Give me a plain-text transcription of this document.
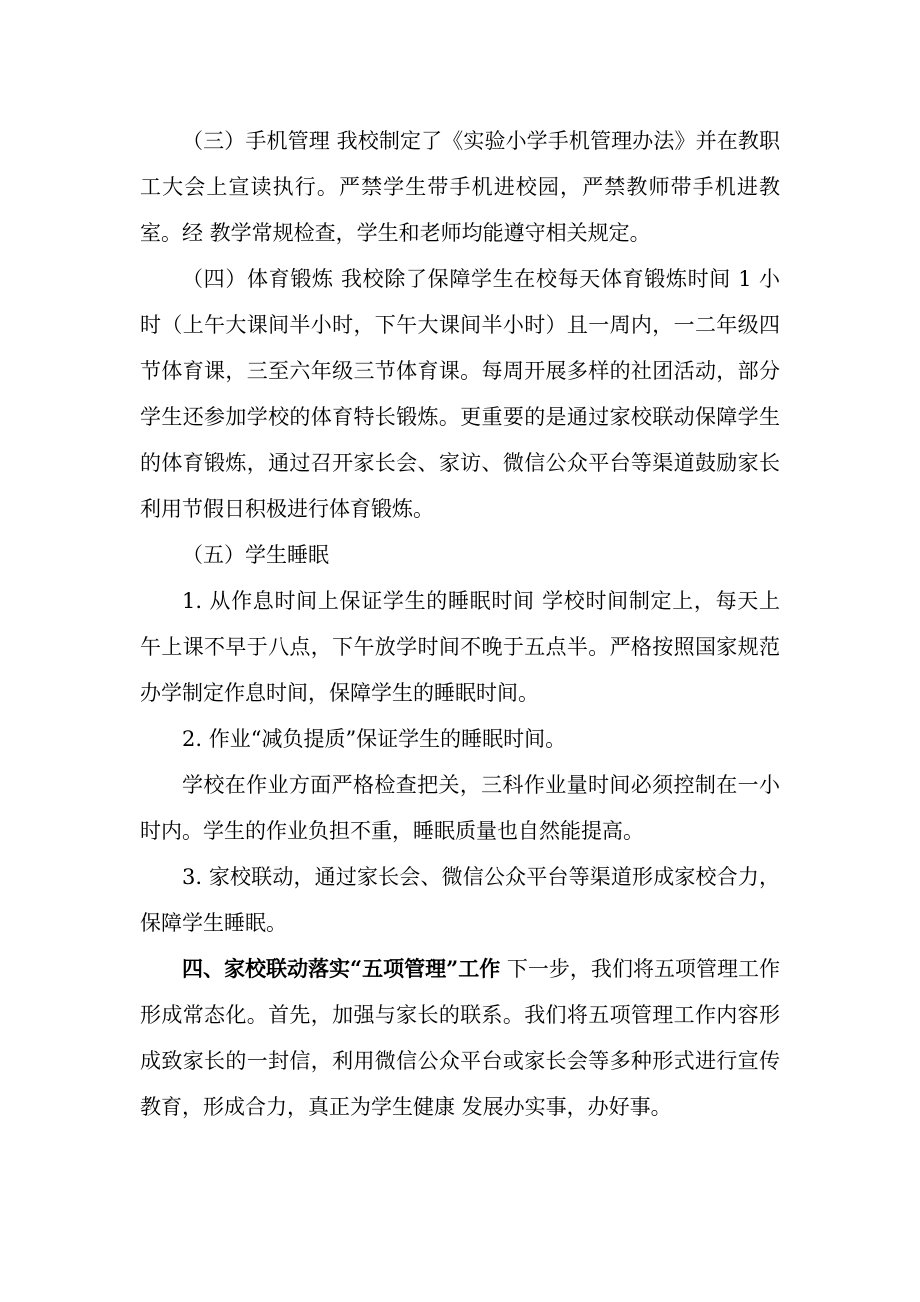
（三）手机管理 我校制定了《实验小学手机管理办法》并在教职工大会上宣读执行。严禁学生带手机进校园，严禁教师带手机进教室。经 教学常规检查，学生和老师均能遵守相关规定。

（四）体育锻炼 我校除了保障学生在校每天体育锻炼时间 1 小时（上午大课间半小时，下午大课间半小时）且一周内，一二年级四节体育课，三至六年级三节体育课。每周开展多样的社团活动，部分学生还参加学校的体育特长锻炼。更重要的是通过家校联动保障学生的体育锻炼，通过召开家长会、家访、微信公众平台等渠道鼓励家长利用节假日积极进行体育锻炼。

（五）学生睡眠

1. 从作息时间上保证学生的睡眠时间 学校时间制定上，每天上午上课不早于八点，下午放学时间不晚于五点半。严格按照国家规范办学制定作息时间，保障学生的睡眠时间。

2. 作业“减负提质”保证学生的睡眠时间。

学校在作业方面严格检查把关，三科作业量时间必须控制在一小时内。学生的作业负担不重，睡眠质量也自然能提高。

3. 家校联动，通过家长会、微信公众平台等渠道形成家校合力，保障学生睡眠。

四、家校联动落实“五项管理”工作 下一步，我们将五项管理工作形成常态化。首先，加强与家长的联系。我们将五项管理工作内容形成致家长的一封信，利用微信公众平台或家长会等多种形式进行宣传教育，形成合力，真正为学生健康 发展办实事，办好事。
